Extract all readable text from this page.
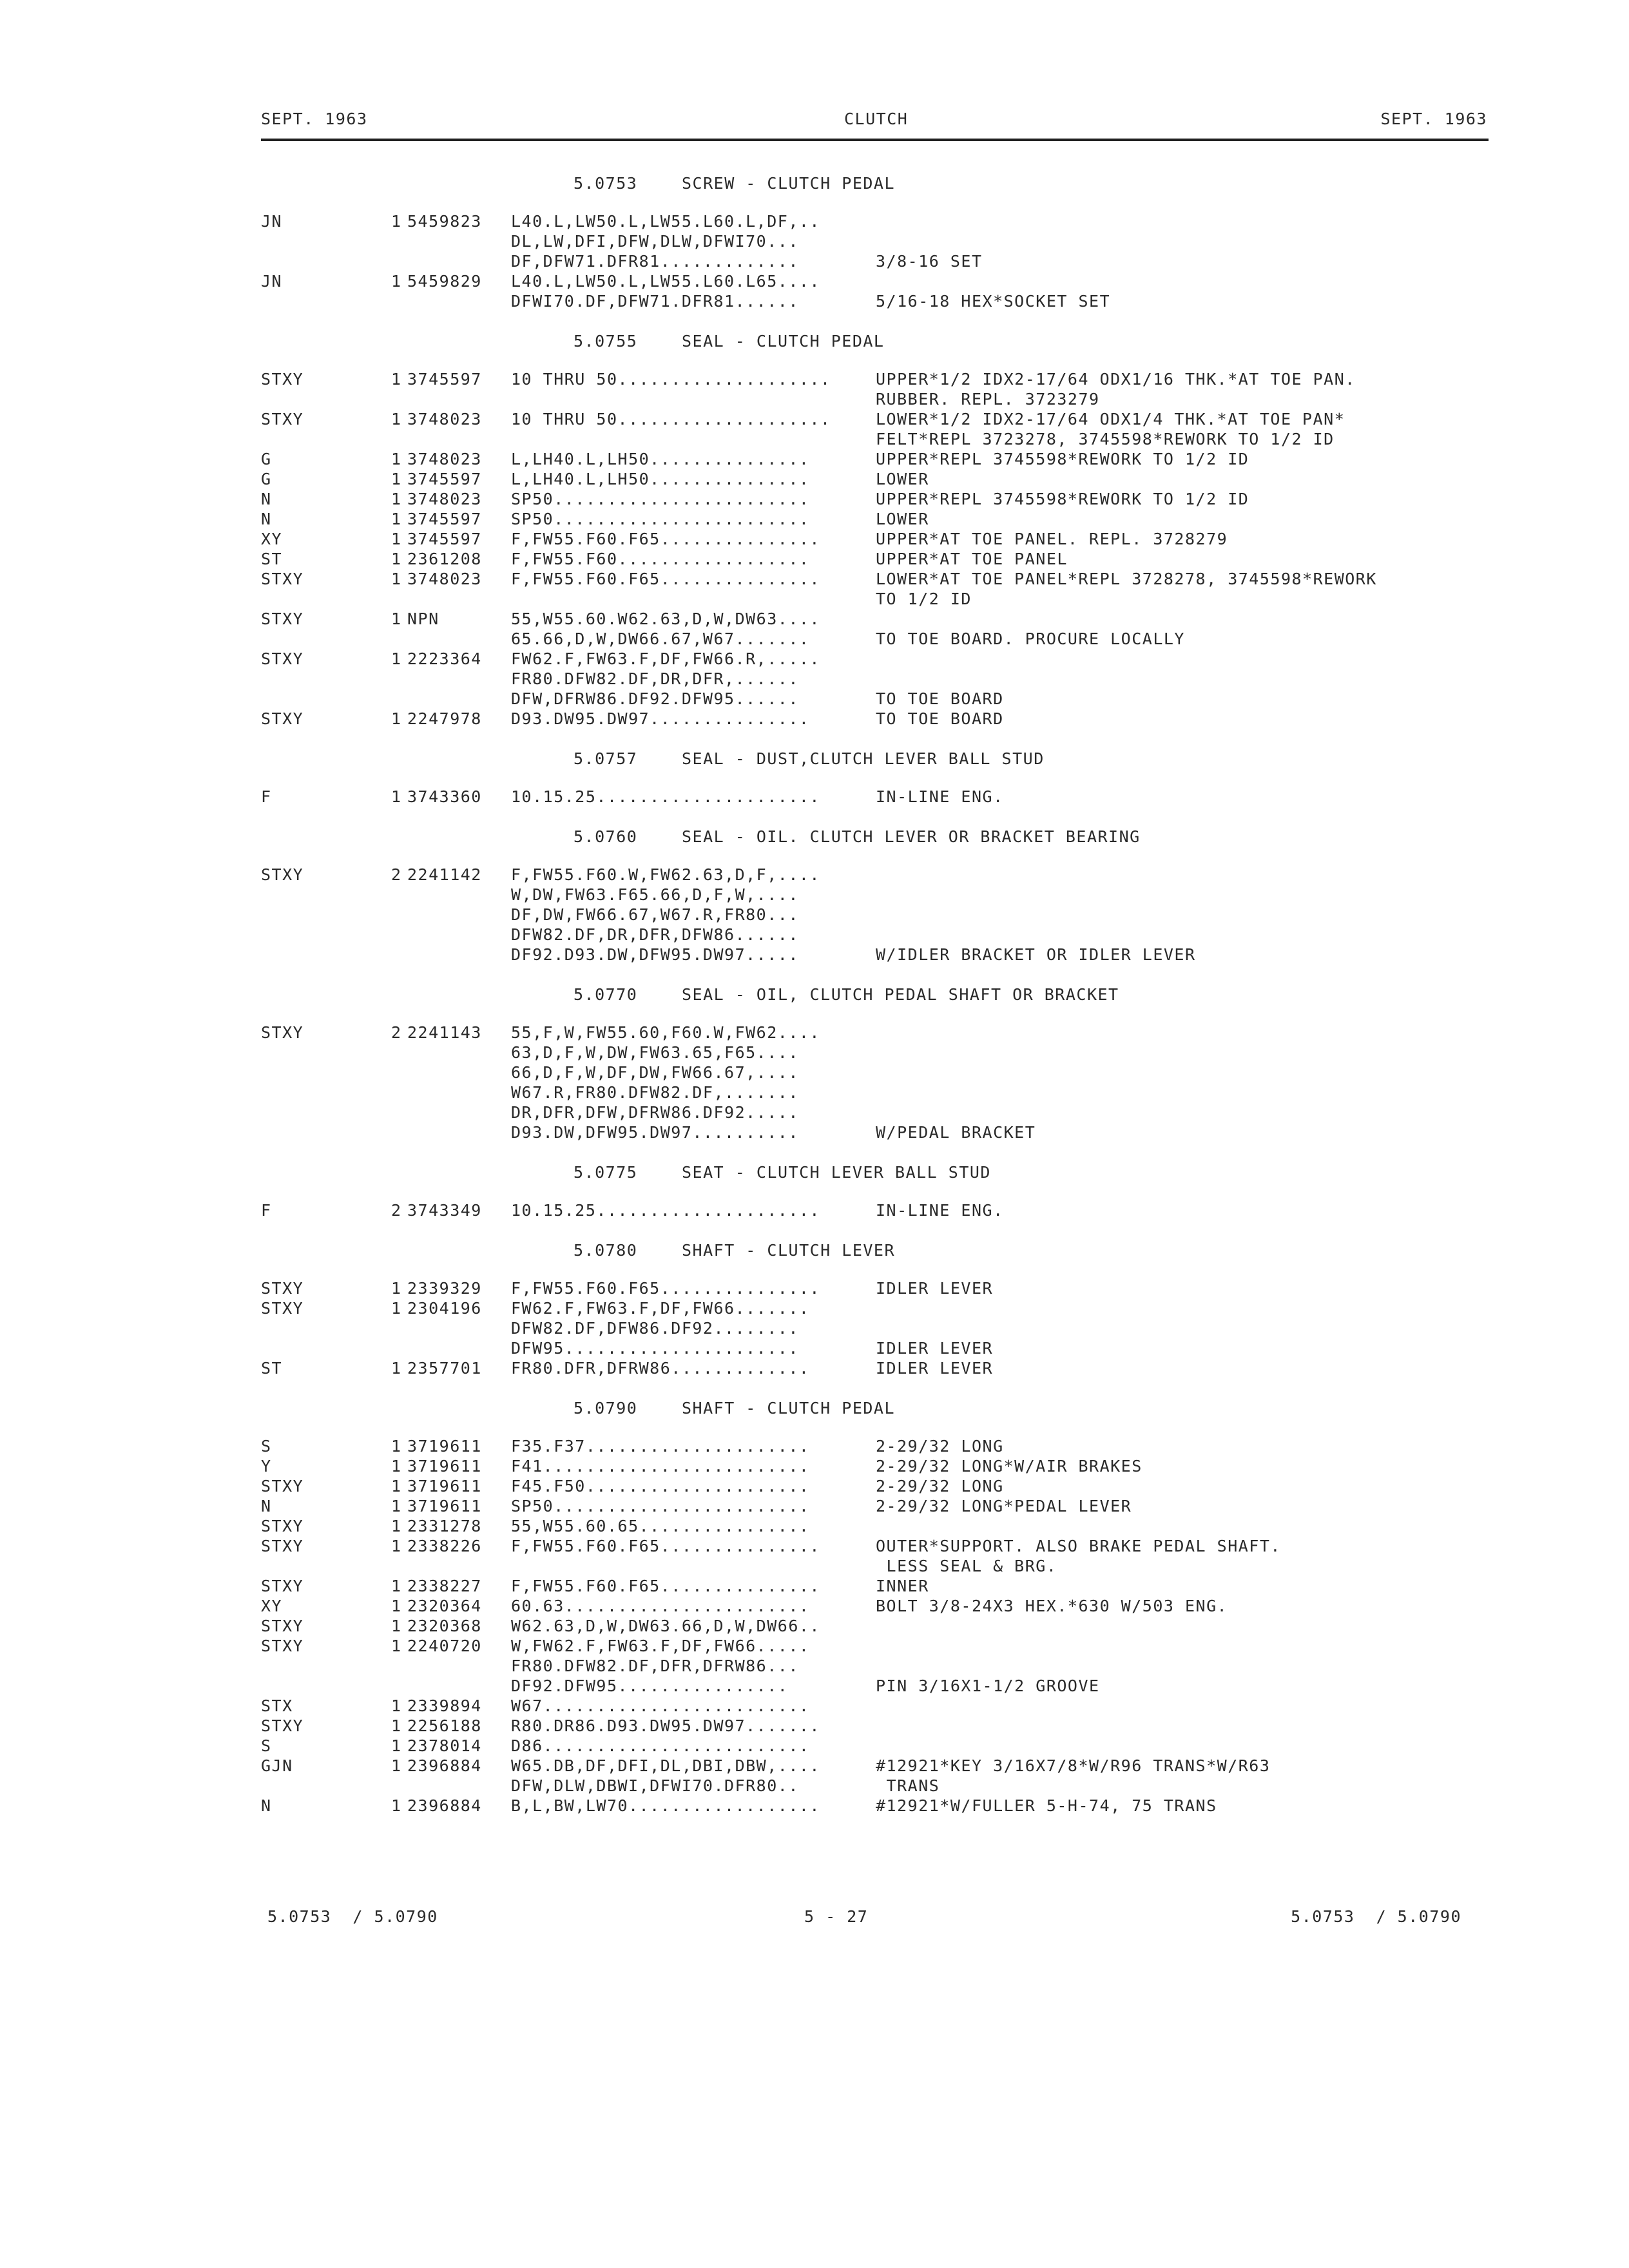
SEPT. 1963	CLUTCH	SEPT. 1963
5.0753	SCREW - CLUTCH PEDAL
JN	1 5459823 L40.L,LW50.L,LW55.L60.L,DF,..
DL,LW,DFI,DFW,DLW,DFWI70...
DF,DFW71.DFR81.............	3/8-16 SET
JN	1 5459829 L40.L,LW50.L,LW55.L60.L65....
DFWI70.DF,DFW71.DFR81......	5/16-18 HEX*SOCKET SET
5.0755	SEAL - CLUTCH PEDAL
STXY	1 3745597 10 THRU 50....................	UPPER*1/2 IDX2-17/64 ODX1/16 THK.*AT TOE PAN.
RUBBER. REPL. 3723279
STXY	1 3748023 10 THRU 50....................	LOWER*1/2 IDX2-17/64 ODX1/4 THK.*AT TOE PAN*
FELT*REPL 3723278, 3745598*REWORK TO 1/2 ID
G	1 3748023 L,LH40.L,LH50...............	UPPER*REPL 3745598*REWORK TO 1/2 ID
G	1 3745597 L,LH40.L,LH50...............	LOWER
N	1 3748023 SP50........................	UPPER*REPL 3745598*REWORK TO 1/2 ID
N	1 3745597 SP50........................	LOWER
XY	1 3745597 F,FW55.F60.F65...............	UPPER*AT TOE PANEL. REPL. 3728279
ST	1 2361208 F,FW55.F60..................	UPPER*AT TOE PANEL
STXY	1 3748023 F,FW55.F60.F65...............	LOWER*AT TOE PANEL*REPL 3728278, 3745598*REWORK
TO 1/2 ID
STXY	1 NPN	55,W55.60.W62.63,D,W,DW63....
65.66,D,W,DW66.67,W67.......	TO TOE BOARD. PROCURE LOCALLY
STXY	1 2223364 FW62.F,FW63.F,DF,FW66.R,.....
FR80.DFW82.DF,DR,DFR,......
DFW,DFRW86.DF92.DFW95......	TO TOE BOARD
STXY	1 2247978 D93.DW95.DW97...............	TO TOE BOARD
5.0757	SEAL - DUST,CLUTCH LEVER BALL STUD
F	1 3743360 10.15.25.....................	IN-LINE ENG.
5.0760	SEAL - OIL. CLUTCH LEVER OR BRACKET BEARING
STXY	2 2241142 F,FW55.F60.W,FW62.63,D,F,....
W,DW,FW63.F65.66,D,F,W,....
DF,DW,FW66.67,W67.R,FR80...
DFW82.DF,DR,DFR,DFW86......
DF92.D93.DW,DFW95.DW97.....	W/IDLER BRACKET OR IDLER LEVER
5.0770	SEAL - OIL, CLUTCH PEDAL SHAFT OR BRACKET
STXY	2 2241143 55,F,W,FW55.60,F60.W,FW62....
63,D,F,W,DW,FW63.65,F65....
66,D,F,W,DF,DW,FW66.67,....
W67.R,FR80.DFW82.DF,.......
DR,DFR,DFW,DFRW86.DF92.....
D93.DW,DFW95.DW97..........	W/PEDAL BRACKET
5.0775	SEAT - CLUTCH LEVER BALL STUD
F	2 3743349 10.15.25.....................	IN-LINE ENG.
5.0780	SHAFT - CLUTCH LEVER
STXY	1 2339329 F,FW55.F60.F65...............	IDLER LEVER
STXY	1 2304196 FW62.F,FW63.F,DF,FW66.......
DFW82.DF,DFW86.DF92........
DFW95......................	IDLER LEVER
ST	1 2357701 FR80.DFR,DFRW86.............	IDLER LEVER
5.0790	SHAFT - CLUTCH PEDAL
S	1 3719611 F35.F37.....................	2-29/32 LONG
Y	1 3719611 F41.........................	2-29/32 LONG*W/AIR BRAKES
STXY	1 3719611 F45.F50.....................	2-29/32 LONG
N	1 3719611 SP50........................	2-29/32 LONG*PEDAL LEVER
STXY	1 2331278 55,W55.60.65................
STXY	1 2338226 F,FW55.F60.F65...............	OUTER*SUPPORT. ALSO BRAKE PEDAL SHAFT.
LESS SEAL & BRG.
STXY	1 2338227 F,FW55.F60.F65...............	INNER
XY	1 2320364 60.63.......................	BOLT 3/8-24X3 HEX.*630 W/503 ENG.
STXY	1 2320368 W62.63,D,W,DW63.66,D,W,DW66..
STXY	1 2240720 W,FW62.F,FW63.F,DF,FW66.....
FR80.DFW82.DF,DFR,DFRW86...
DF92.DFW95................	PIN 3/16X1-1/2 GROOVE
STX	1 2339894 W67.........................
STXY	1 2256188 R80.DR86.D93.DW95.DW97.......
S	1 2378014 D86.........................
GJN	1 2396884 W65.DB,DF,DFI,DL,DBI,DBW,....	#12921*KEY 3/16X7/8*W/R96 TRANS*W/R63
DFW,DLW,DBWI,DFWI70.DFR80..	TRANS
N	1 2396884 B,L,BW,LW70..................	#12921*W/FULLER 5-H-74, 75 TRANS
5.0753  / 5.0790	5 - 27	5.0753  / 5.0790
